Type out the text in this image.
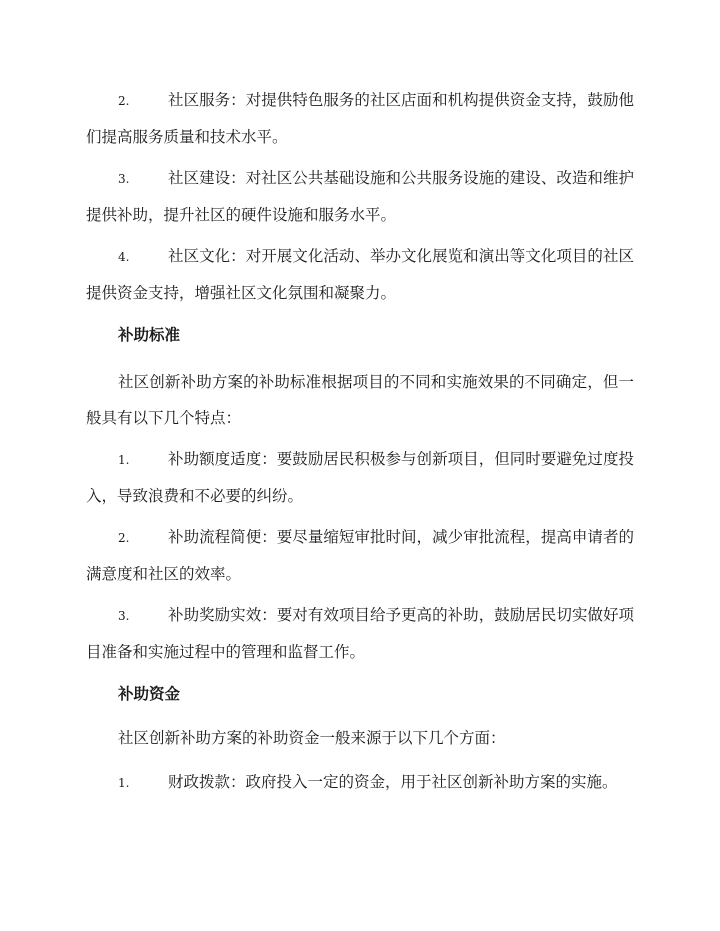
2. 社区服务：对提供特色服务的社区店面和机构提供资金支持，鼓励他们提高服务质量和技术水平。
3. 社区建设：对社区公共基础设施和公共服务设施的建设、改造和维护提供补助，提升社区的硬件设施和服务水平。
4. 社区文化：对开展文化活动、举办文化展览和演出等文化项目的社区提供资金支持，增强社区文化氛围和凝聚力。
补助标准
社区创新补助方案的补助标准根据项目的不同和实施效果的不同确定，但一般具有以下几个特点：
1. 补助额度适度：要鼓励居民积极参与创新项目，但同时要避免过度投入，导致浪费和不必要的纠纷。
2. 补助流程简便：要尽量缩短审批时间，减少审批流程，提高申请者的满意度和社区的效率。
3. 补助奖励实效：要对有效项目给予更高的补助，鼓励居民切实做好项目准备和实施过程中的管理和监督工作。
补助资金
社区创新补助方案的补助资金一般来源于以下几个方面：
1. 财政拨款：政府投入一定的资金，用于社区创新补助方案的实施。
